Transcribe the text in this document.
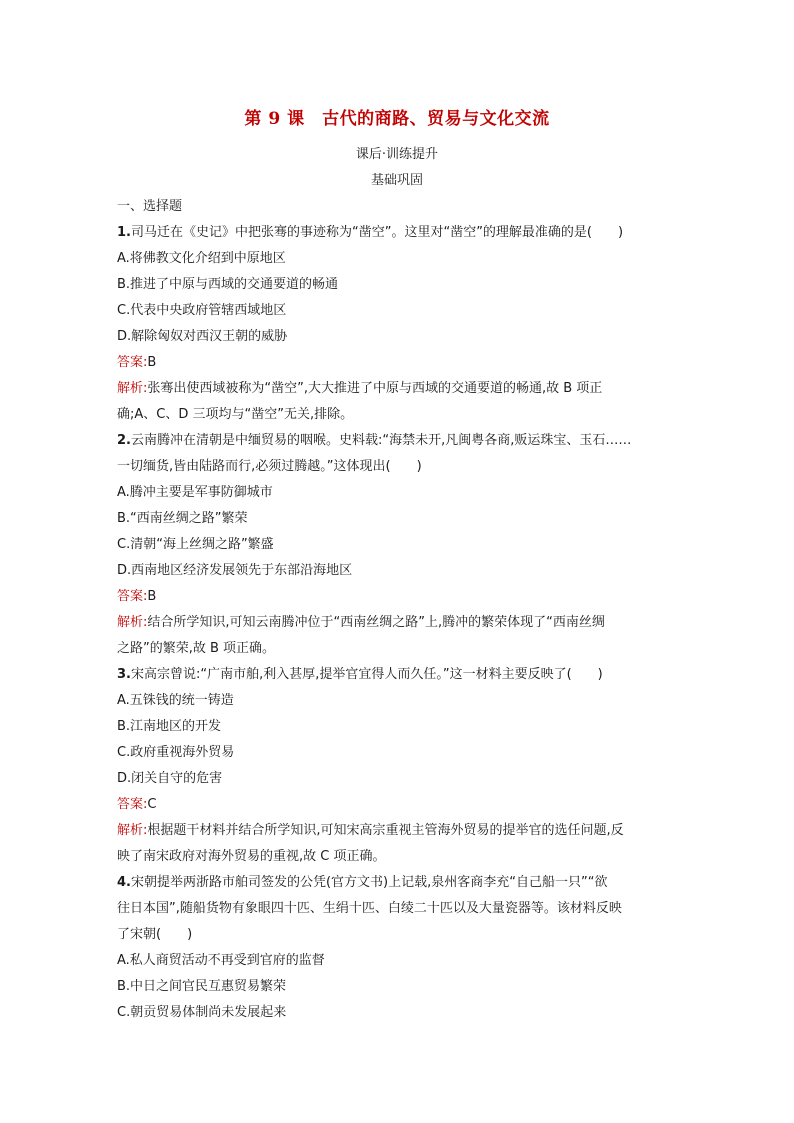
第 9 课　古代的商路、贸易与文化交流

课后·训练提升

基础巩固

一、选择题

1.司马迁在《史记》中把张骞的事迹称为“凿空”。这里对“凿空”的理解最准确的是(　　)

A.将佛教文化介绍到中原地区

B.推进了中原与西域的交通要道的畅通

C.代表中央政府管辖西域地区

D.解除匈奴对西汉王朝的威胁

答案:B

解析:张骞出使西域被称为“凿空”,大大推进了中原与西域的交通要道的畅通,故 B 项正

确;A、C、D 三项均与“凿空”无关,排除。

2.云南腾冲在清朝是中缅贸易的咽喉。史料载:“海禁未开,凡闽粤各商,贩运珠宝、玉石……

一切缅货,皆由陆路而行,必须过腾越。”这体现出(　　)

A.腾冲主要是军事防御城市

B.“西南丝绸之路”繁荣

C.清朝“海上丝绸之路”繁盛

D.西南地区经济发展领先于东部沿海地区

答案:B

解析:结合所学知识,可知云南腾冲位于“西南丝绸之路”上,腾冲的繁荣体现了“西南丝绸

之路”的繁荣,故 B 项正确。

3.宋高宗曾说:“广南市舶,利入甚厚,提举官宜得人而久任。”这一材料主要反映了(　　)

A.五铢钱的统一铸造

B.江南地区的开发

C.政府重视海外贸易

D.闭关自守的危害

答案:C

解析:根据题干材料并结合所学知识,可知宋高宗重视主管海外贸易的提举官的选任问题,反

映了南宋政府对海外贸易的重视,故 C 项正确。

4.宋朝提举两浙路市舶司签发的公凭(官方文书)上记载,泉州客商李充“自己船一只”“欲

往日本国”,随船货物有象眼四十匹、生绢十匹、白绫二十匹以及大量瓷器等。该材料反映

了宋朝(　　)

A.私人商贸活动不再受到官府的监督

B.中日之间官民互惠贸易繁荣

C.朝贡贸易体制尚未发展起来
